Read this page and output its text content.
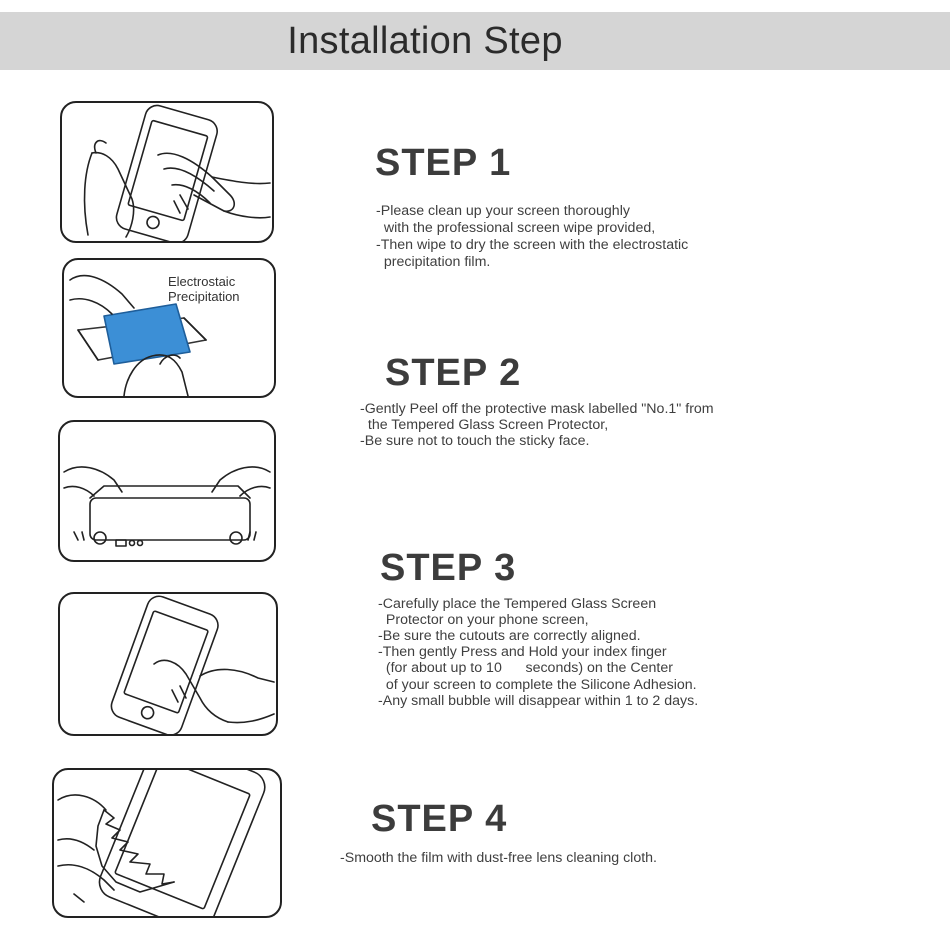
Installation Step
Electrostaic
Precipitation
STEP 1
-Please clean up your screen thoroughly
with the professional screen wipe provided,
-Then wipe to dry the screen with the electrostatic
precipitation film.
STEP 2
-Gently Peel off the protective mask labelled "No.1" from
the Tempered Glass Screen Protector,
-Be sure not to touch the sticky face.
STEP 3
-Carefully place the Tempered Glass Screen
Protector on your phone screen,
-Be sure the cutouts are correctly aligned.
-Then gently Press and Hold your index finger
(for about up to 10      seconds) on the Center
of your screen to complete the Silicone Adhesion.
-Any small bubble will disappear within 1 to 2 days.
STEP 4
-Smooth the film with dust-free lens cleaning cloth.
